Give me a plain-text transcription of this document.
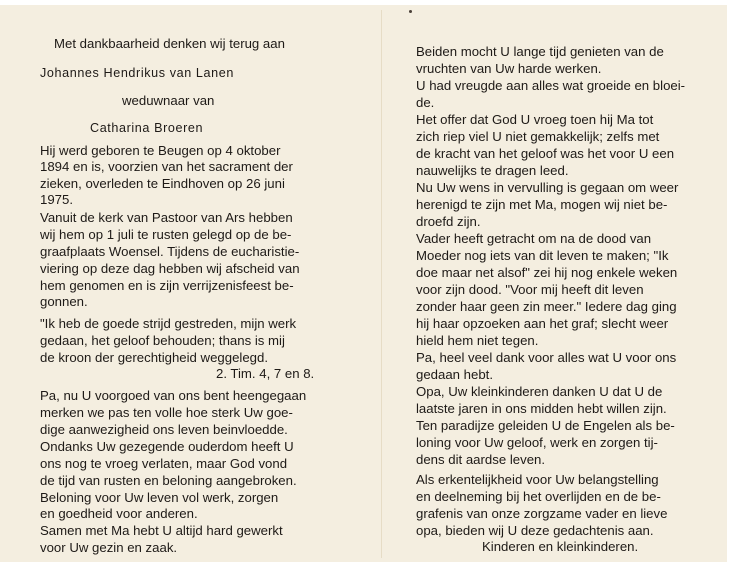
Met dankbaarheid denken wij terug aan
Johannes Hendrikus van Lanen
weduwnaar van
Catharina Broeren
Hij werd geboren te Beugen op 4 oktober
1894 en is, voorzien van het sacrament der
zieken, overleden te Eindhoven op 26 juni
1975.
Vanuit de kerk van Pastoor van Ars hebben
wij hem op 1 juli te rusten gelegd op de be-
graafplaats Woensel. Tijdens de eucharistie-
viering op deze dag hebben wij afscheid van
hem genomen en is zijn verrijzenisfeest be-
gonnen.
"Ik heb de goede strijd gestreden, mijn werk
gedaan, het geloof behouden; thans is mij
de kroon der gerechtigheid weggelegd.
2. Tim. 4, 7 en 8.
Pa, nu U voorgoed van ons bent heengegaan
merken we pas ten volle hoe sterk Uw goe-
dige aanwezigheid ons leven beinvloedde.
Ondanks Uw gezegende ouderdom heeft U
ons nog te vroeg verlaten, maar God vond
de tijd van rusten en beloning aangebroken.
Beloning voor Uw leven vol werk, zorgen
en goedheid voor anderen.
Samen met Ma hebt U altijd hard gewerkt
voor Uw gezin en zaak.
Beiden mocht U lange tijd genieten van de
vruchten van Uw harde werken.
U had vreugde aan alles wat groeide en bloei-
de.
Het offer dat God U vroeg toen hij Ma tot
zich riep viel U niet gemakkelijk; zelfs met
de kracht van het geloof was het voor U een
nauwelijks te dragen leed.
Nu Uw wens in vervulling is gegaan om weer
herenigd te zijn met Ma, mogen wij niet be-
droefd zijn.
Vader heeft getracht om na de dood van
Moeder nog iets van dit leven te maken; "Ik
doe maar net alsof" zei hij nog enkele weken
voor zijn dood. "Voor mij heeft dit leven
zonder haar geen zin meer." Iedere dag ging
hij haar opzoeken aan het graf; slecht weer
hield hem niet tegen.
Pa, heel veel dank voor alles wat U voor ons
gedaan hebt.
Opa, Uw kleinkinderen danken U dat U de
laatste jaren in ons midden hebt willen zijn.
Ten paradijze geleiden U de Engelen als be-
loning voor Uw geloof, werk en zorgen tij-
dens dit aardse leven.
Als erkentelijkheid voor Uw belangstelling
en deelneming bij het overlijden en de be-
grafenis van onze zorgzame vader en lieve
opa, bieden wij U deze gedachtenis aan.
Kinderen en kleinkinderen.
